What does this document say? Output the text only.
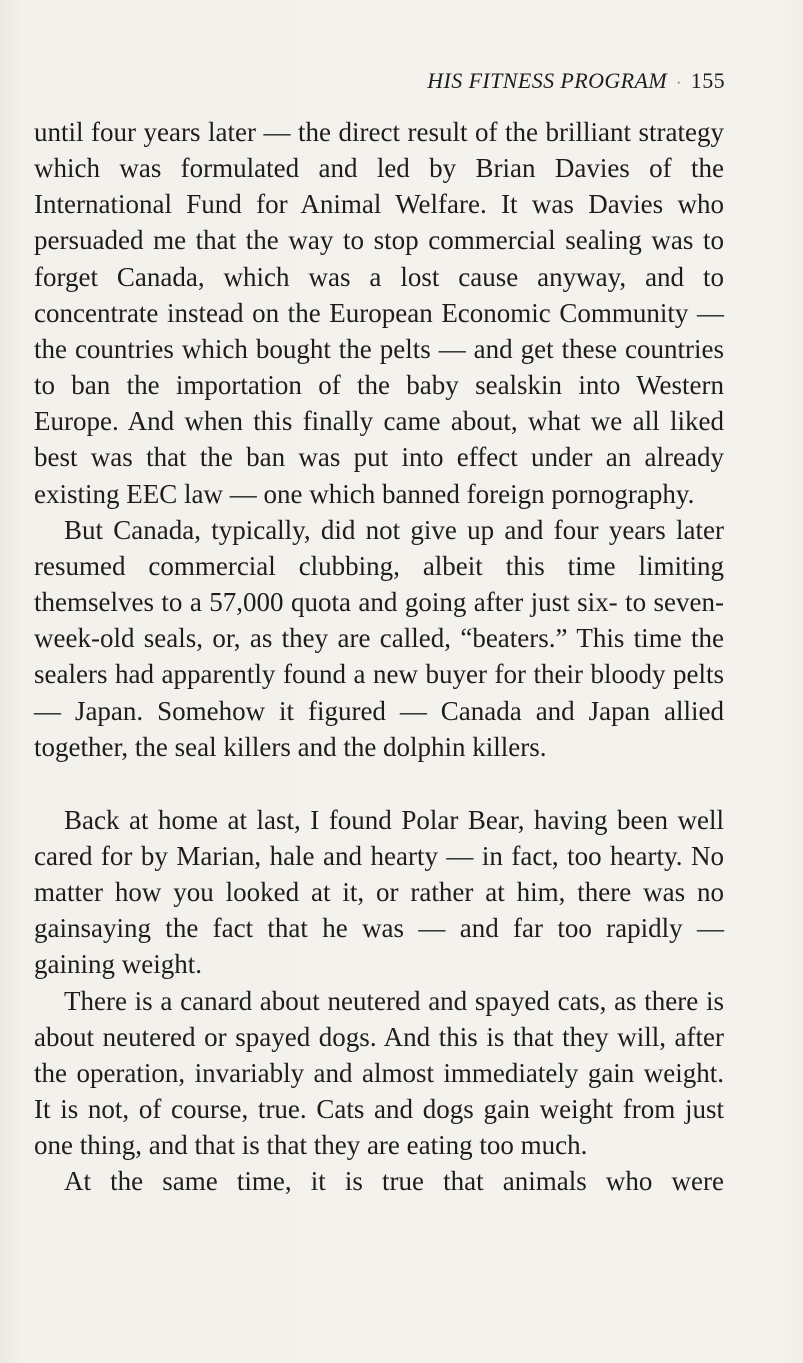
HIS FITNESS PROGRAM · 155

until four years later — the direct result of the brilliant strategy which was formulated and led by Brian Davies of the International Fund for Animal Welfare. It was Davies who persuaded me that the way to stop commercial sealing was to forget Canada, which was a lost cause anyway, and to concentrate instead on the European Economic Community — the countries which bought the pelts — and get these countries to ban the importation of the baby sealskin into Western Europe. And when this finally came about, what we all liked best was that the ban was put into effect under an already existing EEC law — one which banned foreign pornography.

But Canada, typically, did not give up and four years later resumed commercial clubbing, albeit this time limiting themselves to a 57,000 quota and going after just six- to seven-week-old seals, or, as they are called, “beaters.” This time the sealers had apparently found a new buyer for their bloody pelts — Japan. Somehow it figured — Canada and Japan allied together, the seal killers and the dolphin killers.

Back at home at last, I found Polar Bear, having been well cared for by Marian, hale and hearty — in fact, too hearty. No matter how you looked at it, or rather at him, there was no gainsaying the fact that he was — and far too rapidly — gaining weight.

There is a canard about neutered and spayed cats, as there is about neutered or spayed dogs. And this is that they will, after the operation, invariably and almost immediately gain weight. It is not, of course, true. Cats and dogs gain weight from just one thing, and that is that they are eating too much.

At the same time, it is true that animals who were
